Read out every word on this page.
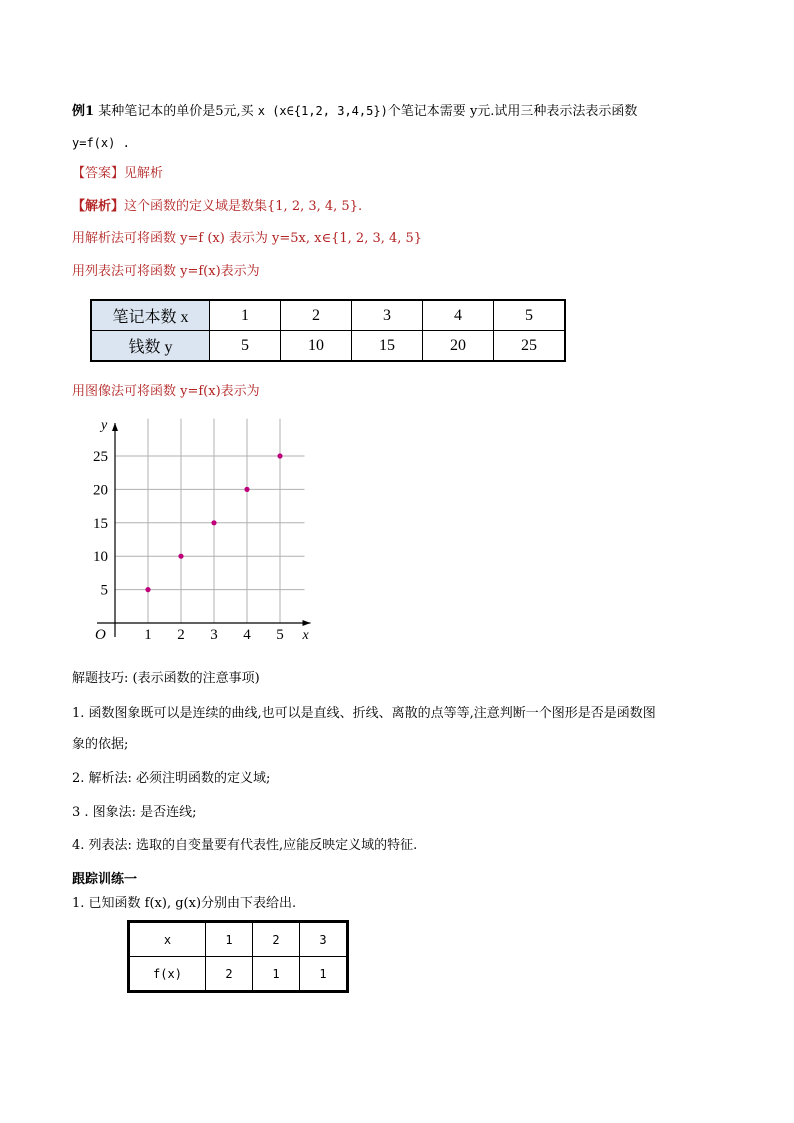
例1 某种笔记本的单价是5元,买 x (x∈{1,2, 3,4,5})个笔记本需要 y元.试用三种表示法表示函数
y=f(x) .
【答案】见解析
【解析】这个函数的定义域是数集{1, 2, 3, 4, 5}.
用解析法可将函数 y=f (x) 表示为 y=5x, x∈{1, 2, 3, 4, 5}
用列表法可将函数 y=f(x)表示为
笔记本数 x	1	2	3	4	5
钱数 y	5	10	15	20	25
用图像法可将函数 y=f(x)表示为
1 2 3 4 5
5
10
15
20
25
y
x
O
解题技巧: (表示函数的注意事项)
1. 函数图象既可以是连续的曲线,也可以是直线、折线、离散的点等等,注意判断一个图形是否是函数图
象的依据;
2. 解析法: 必须注明函数的定义域;
3 . 图象法: 是否连线;
4. 列表法: 选取的自变量要有代表性,应能反映定义域的特征.
跟踪训练一
1. 已知函数 f(x), g(x)分别由下表给出.
x	1	2	3
f(x)	2	1	1
